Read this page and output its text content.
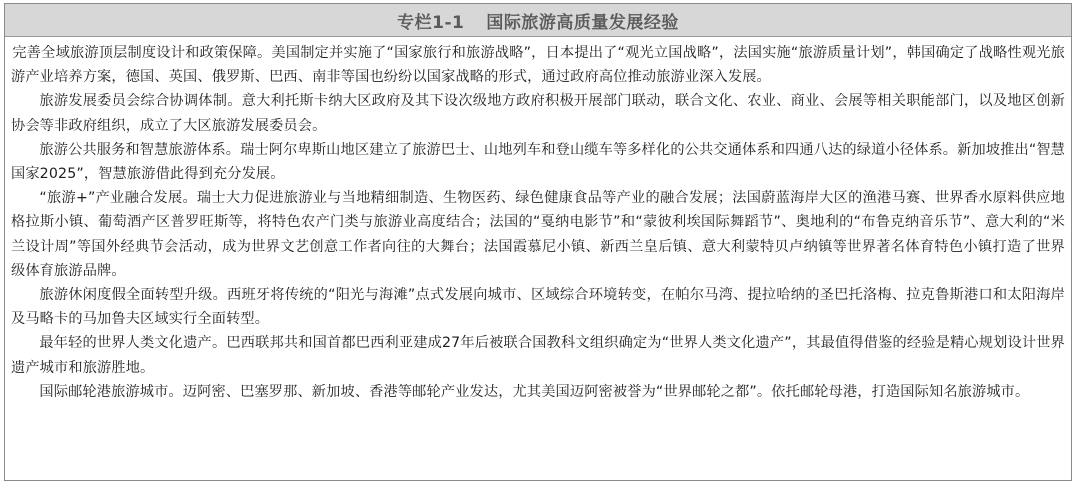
专栏1-1 国际旅游高质量发展经验

完善全域旅游顶层制度设计和政策保障。美国制定并实施了“国家旅行和旅游战略”，日本提出了“观光立国战略”，法国实施“旅游质量计划”，韩国确定了战略性观光旅游产业培养方案，德国、英国、俄罗斯、巴西、南非等国也纷纷以国家战略的形式，通过政府高位推动旅游业深入发展。

旅游发展委员会综合协调体制。意大利托斯卡纳大区政府及其下设次级地方政府积极开展部门联动，联合文化、农业、商业、会展等相关职能部门，以及地区创新协会等非政府组织，成立了大区旅游发展委员会。

旅游公共服务和智慧旅游体系。瑞士阿尔卑斯山地区建立了旅游巴士、山地列车和登山缆车等多样化的公共交通体系和四通八达的绿道小径体系。新加坡推出“智慧国家2025”，智慧旅游借此得到充分发展。

“旅游+”产业融合发展。瑞士大力促进旅游业与当地精细制造、生物医药、绿色健康食品等产业的融合发展；法国蔚蓝海岸大区的渔港马赛、世界香水原料供应地格拉斯小镇、葡萄酒产区普罗旺斯等，将特色农产门类与旅游业高度结合；法国的“戛纳电影节”和“蒙彼利埃国际舞蹈节”、奥地利的“布鲁克纳音乐节”、意大利的“米兰设计周”等国外经典节会活动，成为世界文艺创意工作者向往的大舞台；法国霞慕尼小镇、新西兰皇后镇、意大利蒙特贝卢纳镇等世界著名体育特色小镇打造了世界级体育旅游品牌。

旅游休闲度假全面转型升级。西班牙将传统的“阳光与海滩”点式发展向城市、区域综合环境转变，在帕尔马湾、提拉哈纳的圣巴托洛梅、拉克鲁斯港口和太阳海岸及马略卡的马加鲁夫区域实行全面转型。

最年轻的世界人类文化遗产。巴西联邦共和国首都巴西利亚建成27年后被联合国教科文组织确定为“世界人类文化遗产”，其最值得借鉴的经验是精心规划设计世界遗产城市和旅游胜地。

国际邮轮港旅游城市。迈阿密、巴塞罗那、新加坡、香港等邮轮产业发达，尤其美国迈阿密被誉为“世界邮轮之都”。依托邮轮母港，打造国际知名旅游城市。
